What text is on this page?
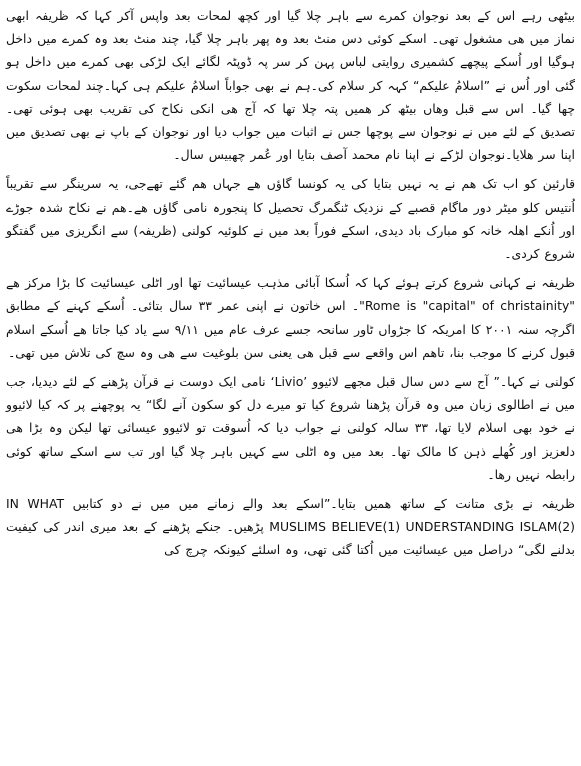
بیٹھی رہے اس کے بعد نوجوان کمرے سے باہر چلا گیا اور کچھ لمحات بعد واپس آکر کہا کہ ظریفہ ابھی نماز میں ھی مشغول تھی۔ اسکے کوئی دس منٹ بعد وہ پھر باہر چلا گیا، چند منٹ بعد وہ کمرے میں داخل ہوگیا اور اُسکے پیچھے کشمیری روایتی لباس پہن کر سر پہ ڈوپٹہ لگائے ایک لڑکی بھی کمرے میں داخل ہو گئی اور اُس نے ”اسلامُ علیکم“ کہہ کر سلام کی۔ہم نے بھی جواباً اسلامُ علیکم ہی کہا۔چند لمحات سکوت چھا گیا۔ اس سے قبل وھاں بیٹھ کر ھمیں پتہ چلا تھا کہ آج ھی انکی نکاح کی تقریب بھی ہوئی تھی۔ تصدیق کے لئے میں نے نوجوان سے پوچھا جس نے اثبات میں جواب دیا اور نوجوان کے باپ نے بھی تصدیق میں اپنا سر ھلایا۔نوجوان لڑکے نے اپنا نام محمد آصف بتایا اور عُمر چھبیس سال۔

قارئین کو اب تک ھم نے یہ نہیں بتایا کی یہ کونسا گاؤں ھے جہاں ھم گئے تھےجی، یہ سرینگر سے تقریباً اُنتیس کلو میٹر دور ماگام قصبے کے نزدیک ٹنگمرگ تحصیل کا پنجورہ نامی گاؤں ھے۔ھم نے نکاح شدہ جوڑے اور اُنکے اھلہ خانہ کو مبارک باد دیدی، اسکے فوراً بعد میں نے کلوئیہ کولنی (ظریفہ) سے انگریزی میں گفتگو شروع کردی۔

ظریفہ نے کہانی شروع کرتے ہوئے کہا کہ اُسکا آبائی مذہب عیسائیت تھا اور اٹلی عیسائیت کا بڑا مرکز ھے "Rome is "capital" of christainity"۔ اس خاتون نے اپنی عمر ۳۳ سال بتائی۔ اُسکے کہنے کے مطابق اگرچہ سنہ ۲۰۰۱ کا امریکہ کا جڑواں ٹاور سانحہ جسے عرف عام میں ۹/۱۱ سے یاد کیا جاتا ھے اُسکے اسلام قبول کرنے کا موجب بنا، تاھم اس واقعے سے قبل ھی یعنی سن بلوغیت سے ھی وہ سچ کی تلاش میں تھی۔

کولنی نے کہا۔” آج سے دس سال قبل مجھے لائیوو ’Livio‘ نامی ایک دوست نے قرآن پڑھنے کے لئے دیدیا، جب میں نے اطالوی زبان میں وہ قرآن پڑھنا شروع کیا تو میرے دل کو سکون آنے لگا“ یہ پوچھنے پر کہ کیا لائیوو نے خود بھی اسلام لایا تھا، ۳۳ سالہ کولنی نے جواب دیا کہ اُسوقت تو لائیوو عیسائی تھا لیکن وہ بڑا ھی دلعزیز اور کُھلے ذہن کا مالک تھا۔ بعد میں وہ اٹلی سے کہیں باہر چلا گیا اور تب سے اسکے ساتھ کوئی رابطہ نہیں رھا۔

ظریفہ نے بڑی متانت کے ساتھ ھمیں بتایا۔”اسکے بعد والے زمانے میں میں نے دو کتابیں IN WHAT MUSLIMS BELIEVE(1) UNDERSTANDING ISLAM(2) پڑھیں۔ جنکے پڑھنے کے بعد میری اندر کی کیفیت بدلنے لگی“ دراصل میں عیسائیت میں اُکتا گئی تھی، وہ اسلئے کیونکہ چرچ کی
